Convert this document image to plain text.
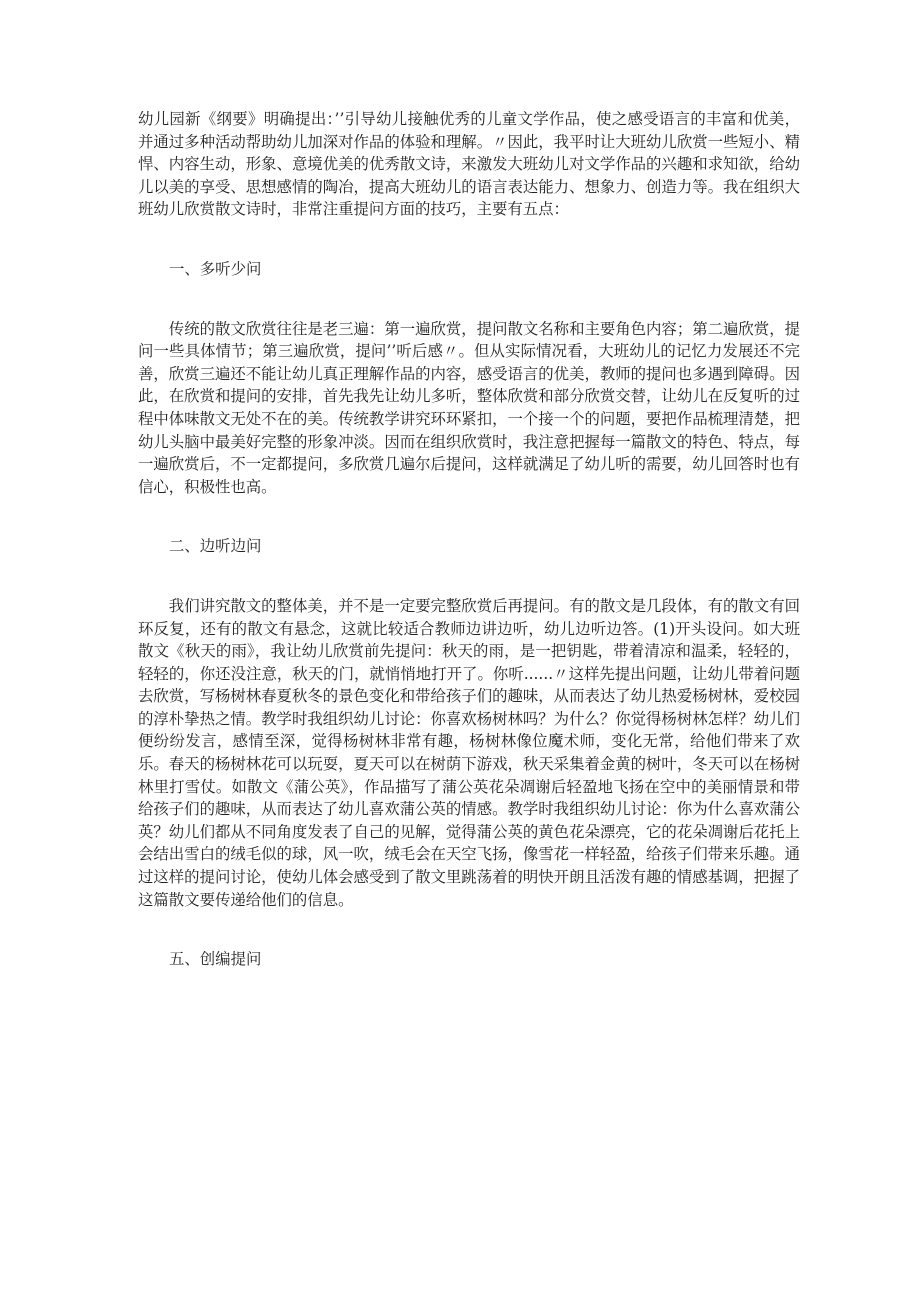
幼儿园新《纲要》明确提出：’’引导幼儿接触优秀的儿童文学作品，使之感受语言的丰富和优美，并通过多种活动帮助幼儿加深对作品的体验和理解。〃因此，我平时让大班幼儿欣赏一些短小、精悍、内容生动，形象、意境优美的优秀散文诗，来激发大班幼儿对文学作品的兴趣和求知欲，给幼儿以美的享受、思想感情的陶冶，提高大班幼儿的语言表达能力、想象力、创造力等。我在组织大班幼儿欣赏散文诗时，非常注重提问方面的技巧，主要有五点：

一、多听少问

传统的散文欣赏往往是老三遍：第一遍欣赏，提问散文名称和主要角色内容；第二遍欣赏，提问一些具体情节；第三遍欣赏，提问’’听后感〃。但从实际情况看，大班幼儿的记忆力发展还不完善，欣赏三遍还不能让幼儿真正理解作品的内容，感受语言的优美，教师的提问也多遇到障碍。因此，在欣赏和提问的安排，首先我先让幼儿多听，整体欣赏和部分欣赏交替，让幼儿在反复听的过程中体味散文无处不在的美。传统教学讲究环环紧扣，一个接一个的问题，要把作品梳理清楚，把幼儿头脑中最美好完整的形象冲淡。因而在组织欣赏时，我注意把握每一篇散文的特色、特点，每一遍欣赏后，不一定都提问，多欣赏几遍尔后提问，这样就满足了幼儿听的需要，幼儿回答时也有信心，积极性也高。

二、边听边问

我们讲究散文的整体美，并不是一定要完整欣赏后再提问。有的散文是几段体，有的散文有回环反复，还有的散文有悬念，这就比较适合教师边讲边听，幼儿边听边答。(1)开头设问。如大班散文《秋天的雨》，我让幼儿欣赏前先提问：秋天的雨，是一把钥匙，带着清凉和温柔，轻轻的，轻轻的，你还没注意，秋天的门，就悄悄地打开了。你听......〃这样先提出问题，让幼儿带着问题去欣赏，写杨树林春夏秋冬的景色变化和带给孩子们的趣味，从而表达了幼儿热爱杨树林，爱校园的淳朴挚热之情。教学时我组织幼儿讨论：你喜欢杨树林吗？为什么？你觉得杨树林怎样？幼儿们便纷纷发言，感情至深，觉得杨树林非常有趣，杨树林像位魔术师，变化无常，给他们带来了欢乐。春天的杨树林花可以玩耍，夏天可以在树荫下游戏，秋天采集着金黄的树叶，冬天可以在杨树林里打雪仗。如散文《蒲公英》，作品描写了蒲公英花朵凋谢后轻盈地飞扬在空中的美丽情景和带给孩子们的趣味，从而表达了幼儿喜欢蒲公英的情感。教学时我组织幼儿讨论：你为什么喜欢蒲公英？幼儿们都从不同角度发表了自己的见解，觉得蒲公英的黄色花朵漂亮，它的花朵凋谢后花托上会结出雪白的绒毛似的球，风一吹，绒毛会在天空飞扬，像雪花一样轻盈，给孩子们带来乐趣。通过这样的提问讨论，使幼儿体会感受到了散文里跳荡着的明快开朗且活泼有趣的情感基调，把握了这篇散文要传递给他们的信息。

五、创编提问
